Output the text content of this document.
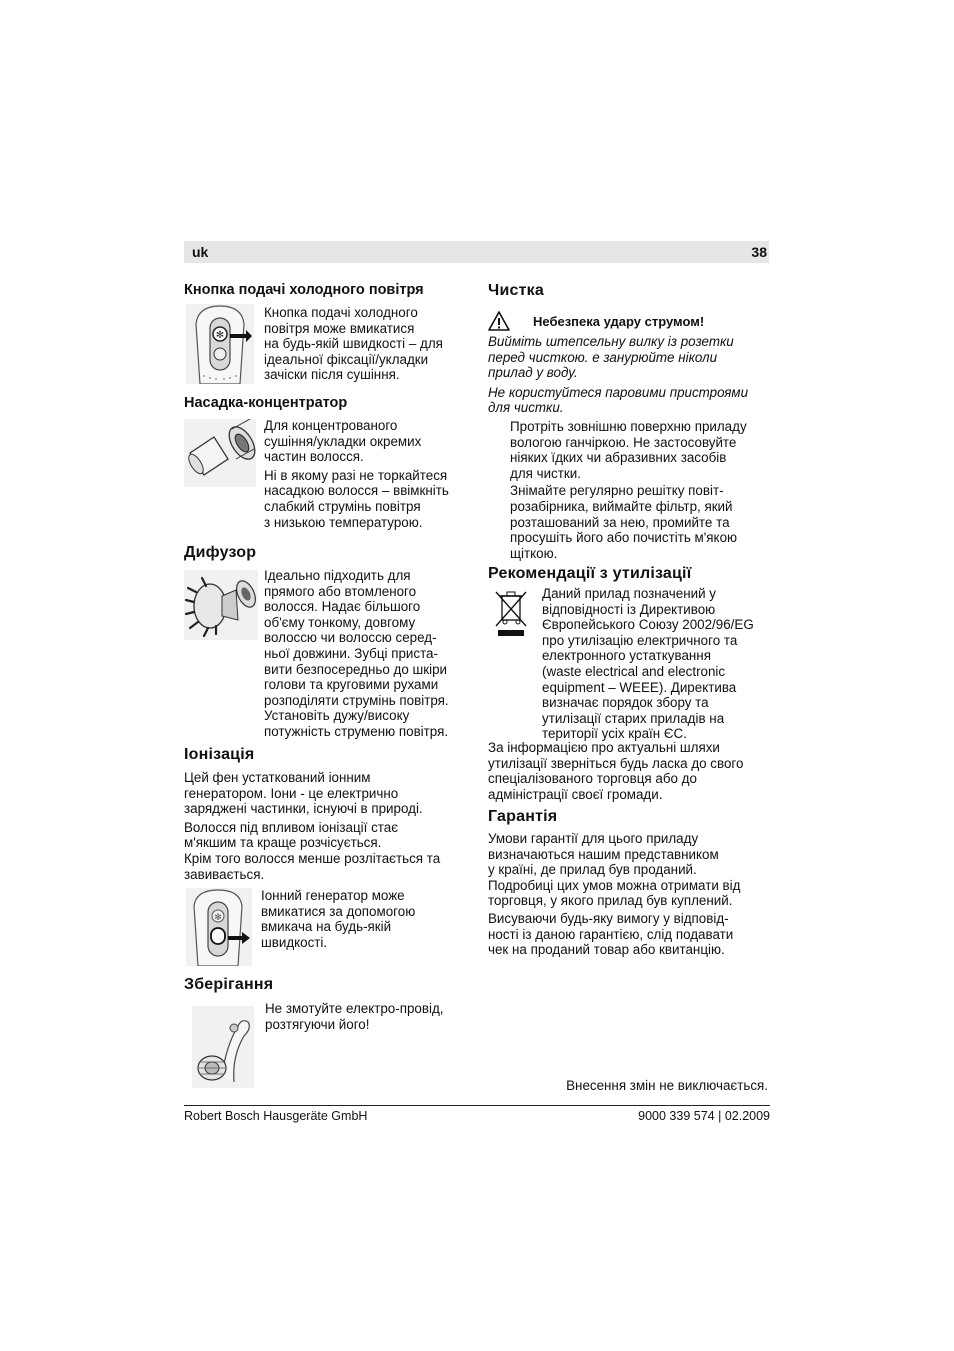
uk	38
Кнопка подачі холодного повітря
✻

Кнопка подачі холодного

повітря може вмикатися

на будь-якій швидкості – для

ідеальної фіксації/укладки

зачіски після сушіння.

Насадка-концентратор

Для концентрованого

сушіння/укладки окремих

частин волосся.

Ні в якому разі не торкайтеся

насадкою волосся – ввімкніть

слабкий струмінь повітря

з низькою температурою.

Дифузор

Ідеально підходить для

прямого або втомленого

волосся. Надає більшого

об'єму тонкому, довгому

волоссю чи волоссю серед-

ньої довжини. Зубці приста-

вити безпосередньо до шкіри

голови та круговими рухами

розподіляти струмінь повітря.

Установіть дужу/високу

потужність струменю повітря.

Іонізація

Цей фен устаткований іонним

генератором. Іони - це електрично

заряджені частинки, існуючі в природі.

Волосся під впливом іонізації стає

м'якшим та краще розчісується.

Крім того волосся менше розлітається та

завивається.

✻

Іонний генератор може

вмикатися за допомогою

вмикача на будь-якій

швидкості.

Зберігання

Не змотуйте електро-провід,

розтягуючи його!

Чистка

Небезпека удару струмом!

Вийміть штепсельну вилку із розетки

перед чисткою. е занурюйте ніколи

прилад у воду.

Не користуйтеся паровими пристроями

для чистки.

Протріть зовнішню поверхню приладу

вологою ганчіркою. Не застосовуйте

ніяких їдких чи абразивних засобів

для чистки.

Знімайте регулярно решітку повіт-

розабірника, виймайте фільтр, який

розташований за нею, промийте та

просушіть його або почистіть м'якою

щіткою.

Рекомендації з утилізації

Даний прилад позначений у

відповідності із Директивою

Європейського Союзу 2002/96/EG

про утилізацію електричного та

електронного устаткування

(waste electrical and electronic

equipment – WEEE). Директива

визначає порядок збору та

утилізації старих приладів на

території усіх країн ЄС.

За інформацією про актуальні шляхи

утилізації зверніться будь ласка до свого

спеціалізованого торговця або до

адміністрації своєї громади.

Гарантія

Умови гарантії для цього приладу

визначаються нашим представником

у країні, де прилад був проданий.

Подробиці цих умов можна отримати від

торговця, у якого прилад був куплений.

Висуваючи будь-яку вимогу у відповід-

ності із даною гарантією, слід подавати

чек на проданий товар або квитанцію.

Внесення змін не виключається.

Robert Bosch Hausgeräte GmbH	9000 339 574 | 02.2009
